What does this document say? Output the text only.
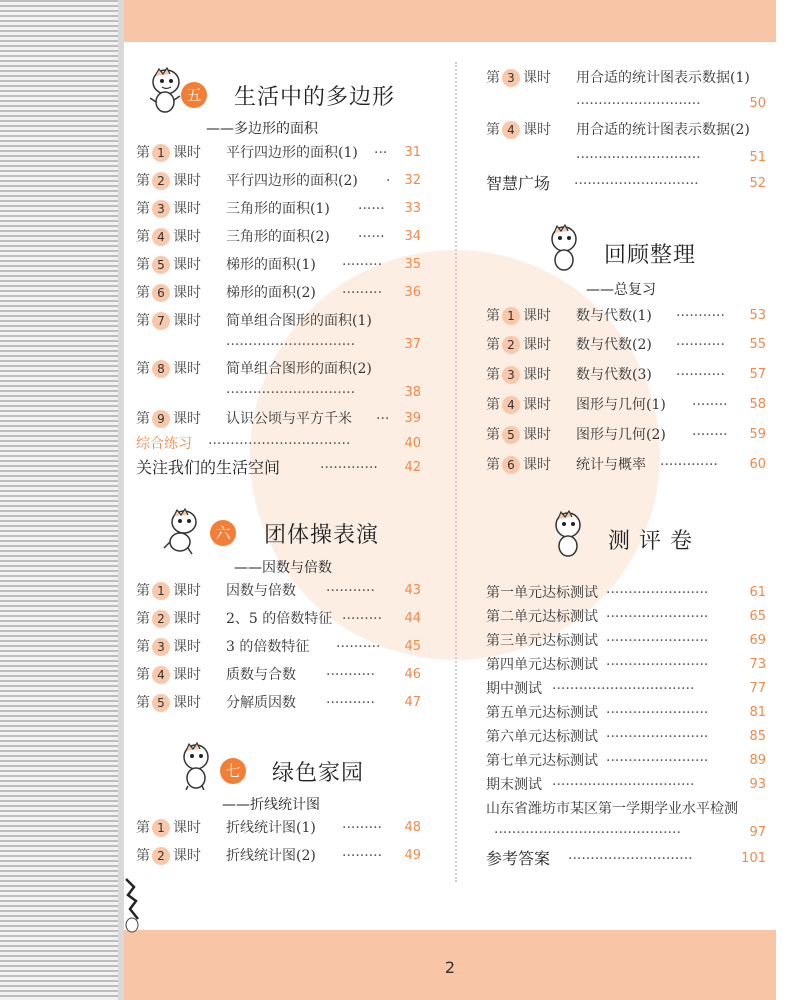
2
五 生活中的多边形
——多边形的面积
第 1 课时 平行四边形的面积(1) ···	31
第 2 课时 平行四边形的面积(2) ·	32
第 3 课时 三角形的面积(1) ······	33
第 4 课时 三角形的面积(2) ······	34
第 5 课时 梯形的面积(1) ·········	35
第 6 课时 梯形的面积(2) ·········	36
第 7 课时 简单组合图形的面积(1)
·····························	37
第 8 课时 简单组合图形的面积(2)
·····························	38
第 9 课时 认识公顷与平方千米 ···	39
综合练习 ································	40
关注我们的生活空间	·············	42
六 团体操表演
——因数与倍数
第 1 课时 因数与倍数 ···········	43
第 2 课时 2、5 的倍数特征 ·········	44
第 3 课时 3 的倍数特征 ··········	45
第 4 课时 质数与合数 ···········	46
第 5 课时 分解质因数 ···········	47
七 绿色家园
——折线统计图
第 1 课时 折线统计图(1) ·········	48
第 2 课时 折线统计图(2) ·········	49
第 3 课时 用合适的统计图表示数据(1)
····························	50
第 4 课时 用合适的统计图表示数据(2)
····························	51
智慧广场 ····························	52
回顾整理
——总复习
第 1 课时 数与代数(1) ···········	53
第 2 课时 数与代数(2) ···········	55
第 3 课时 数与代数(3) ···········	57
第 4 课时 图形与几何(1) ········	58
第 5 课时 图形与几何(2) ········	59
第 6 课时 统计与概率 ·············	60
测 评 卷
第一单元达标测试 ·······················	61
第二单元达标测试 ·······················	65
第三单元达标测试 ·······················	69
第四单元达标测试 ·······················	73
期中测试 ································	77
第五单元达标测试 ·······················	81
第六单元达标测试 ·······················	85
第七单元达标测试 ·······················	89
期末测试 ································	93
山东省潍坊市某区第一学期学业水平检测
··········································	97
参考答案 ····························	101
